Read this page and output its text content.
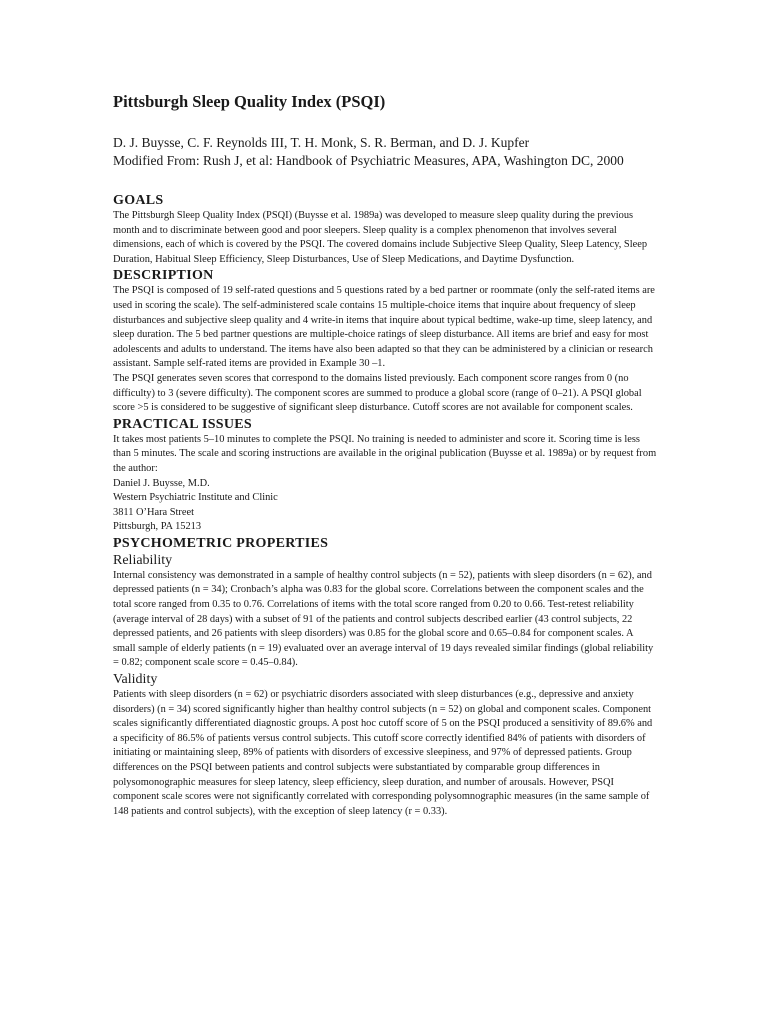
Pittsburgh Sleep Quality Index (PSQI)
D. J. Buysse, C. F. Reynolds III, T. H. Monk, S. R. Berman, and D. J. Kupfer
Modified From: Rush J, et al: Handbook of Psychiatric Measures, APA, Washington DC, 2000
GOALS
The Pittsburgh Sleep Quality Index (PSQI) (Buysse et al. 1989a) was developed to measure sleep quality during the previous month and to discriminate between good and poor sleepers. Sleep quality is a complex phenomenon that involves several dimensions, each of which is covered by the PSQI. The covered domains include Subjective Sleep Quality, Sleep Latency, Sleep Duration, Habitual Sleep Efficiency, Sleep Disturbances, Use of Sleep Medications, and Daytime Dysfunction.
DESCRIPTION
The PSQI is composed of 19 self-rated questions and 5 questions rated by a bed partner or roommate (only the self-rated items are used in scoring the scale). The self-administered scale contains 15 multiple-choice items that inquire about frequency of sleep disturbances and subjective sleep quality and 4 write-in items that inquire about typical bedtime, wake-up time, sleep latency, and sleep duration. The 5 bed partner questions are multiple-choice ratings of sleep disturbance. All items are brief and easy for most adolescents and adults to understand. The items have also been adapted so that they can be administered by a clinician or research assistant. Sample self-rated items are provided in Example 30 –1.
The PSQI generates seven scores that correspond to the domains listed previously. Each component score ranges from 0 (no difficulty) to 3 (severe difficulty). The component scores are summed to produce a global score (range of 0–21). A PSQI global score >5 is considered to be suggestive of significant sleep disturbance. Cutoff scores are not available for component scales.
PRACTICAL ISSUES
It takes most patients 5–10 minutes to complete the PSQI. No training is needed to administer and score it. Scoring time is less than 5 minutes. The scale and scoring instructions are available in the original publication (Buysse et al. 1989a) or by request from the author:
Daniel J. Buysse, M.D.
Western Psychiatric Institute and Clinic
3811 O’Hara Street
Pittsburgh, PA 15213
PSYCHOMETRIC PROPERTIES
Reliability
Internal consistency was demonstrated in a sample of healthy control subjects (n = 52), patients with sleep disorders (n = 62), and depressed patients (n = 34); Cronbach’s alpha was 0.83 for the global score. Correlations between the component scales and the total score ranged from 0.35 to 0.76. Correlations of items with the total score ranged from 0.20 to 0.66. Test-retest reliability (average interval of 28 days) with a subset of 91 of the patients and control subjects described earlier (43 control subjects, 22 depressed patients, and 26 patients with sleep disorders) was 0.85 for the global score and 0.65–0.84 for component scales. A small sample of elderly patients (n = 19) evaluated over an average interval of 19 days revealed similar findings (global reliability = 0.82; component scale score = 0.45–0.84).
Validity
Patients with sleep disorders (n = 62) or psychiatric disorders associated with sleep disturbances (e.g., depressive and anxiety disorders) (n = 34) scored significantly higher than healthy control subjects (n = 52) on global and component scales. Component scales significantly differentiated diagnostic groups. A post hoc cutoff score of 5 on the PSQI produced a sensitivity of 89.6% and a specificity of 86.5% of patients versus control subjects. This cutoff score correctly identified 84% of patients with disorders of initiating or maintaining sleep, 89% of patients with disorders of excessive sleepiness, and 97% of depressed patients. Group differences on the PSQI between patients and control subjects were substantiated by comparable group differences in polysomonographic measures for sleep latency, sleep efficiency, sleep duration, and number of arousals. However, PSQI component scale scores were not significantly correlated with corresponding polysomnographic measures (in the same sample of 148 patients and control subjects), with the exception of sleep latency (r = 0.33).
